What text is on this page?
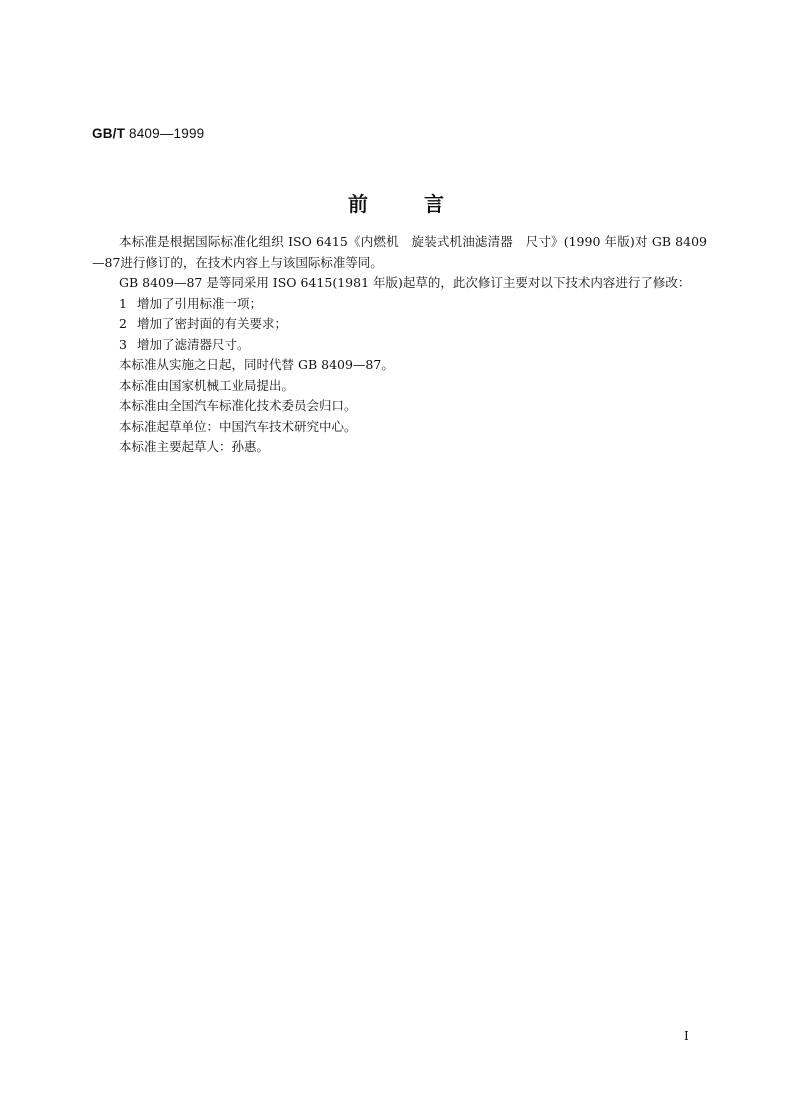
GB/T 8409—1999
前言

本标准是根据国际标准化组织 ISO 6415《内燃机　旋装式机油滤清器　尺寸》(1990 年版)对 GB 8409—87进行修订的，在技术内容上与该国际标准等同。

GB 8409—87 是等同采用 ISO 6415(1981 年版)起草的，此次修订主要对以下技术内容进行了修改：

1 增加了引用标准一项；

2 增加了密封面的有关要求；

3 增加了滤清器尺寸。

本标准从实施之日起，同时代替 GB 8409—87。

本标准由国家机械工业局提出。

本标准由全国汽车标准化技术委员会归口。

本标准起草单位：中国汽车技术研究中心。

本标准主要起草人：孙惠。

I
